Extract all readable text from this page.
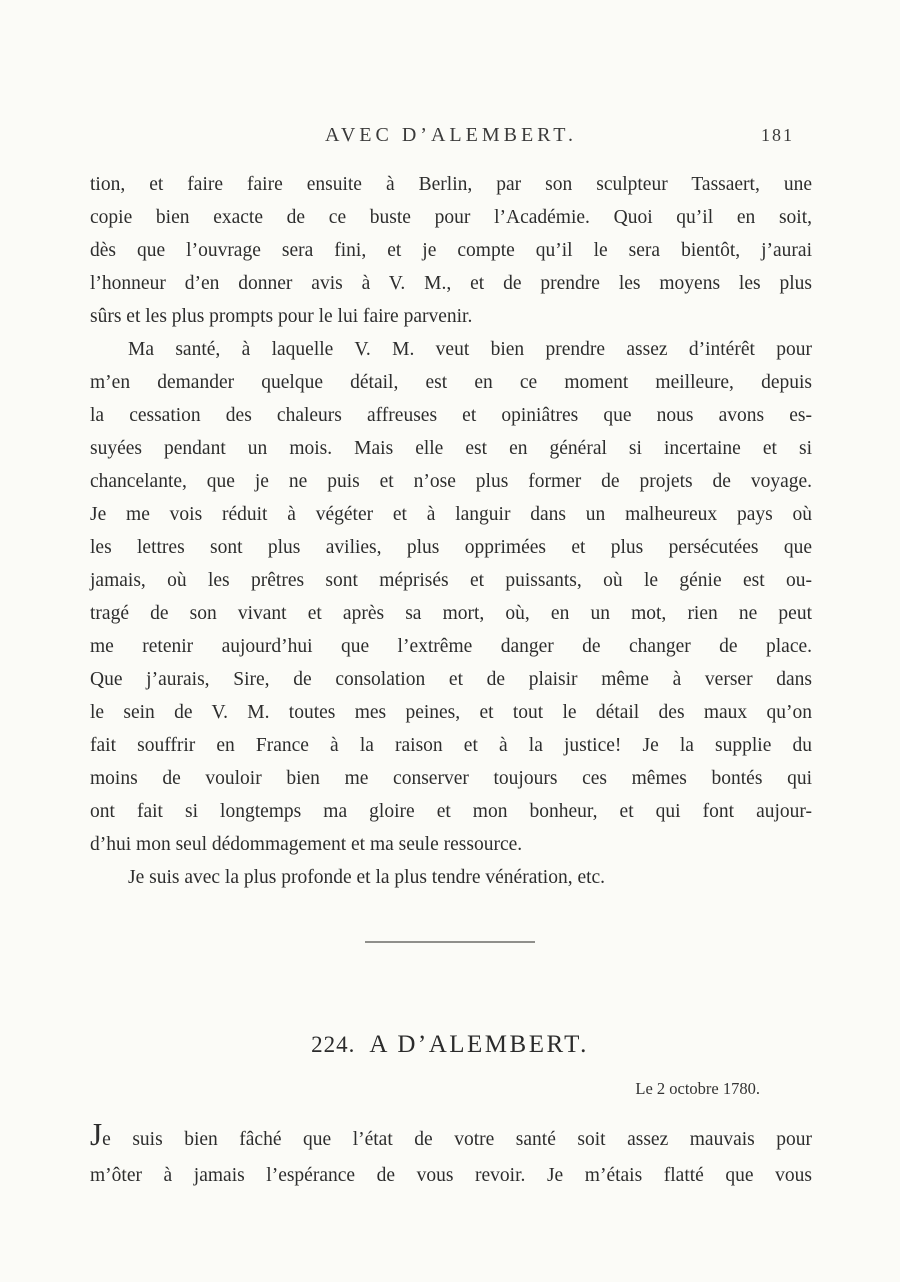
AVEC D’ALEMBERT.	181
tion, et faire faire ensuite à Berlin, par son sculpteur Tassaert, une
copie bien exacte de ce buste pour l’Académie. Quoi qu’il en soit,
dès que l’ouvrage sera fini, et je compte qu’il le sera bientôt, j’aurai
l’honneur d’en donner avis à V. M., et de prendre les moyens les plus
sûrs et les plus prompts pour le lui faire parvenir.
Ma santé, à laquelle V. M. veut bien prendre assez d’intérêt pour
m’en demander quelque détail, est en ce moment meilleure, depuis
la cessation des chaleurs affreuses et opiniâtres que nous avons es-
suyées pendant un mois. Mais elle est en général si incertaine et si
chancelante, que je ne puis et n’ose plus former de projets de voyage.
Je me vois réduit à végéter et à languir dans un malheureux pays où
les lettres sont plus avilies, plus opprimées et plus persécutées que
jamais, où les prêtres sont méprisés et puissants, où le génie est ou-
tragé de son vivant et après sa mort, où, en un mot, rien ne peut
me retenir aujourd’hui que l’extrême danger de changer de place.
Que j’aurais, Sire, de consolation et de plaisir même à verser dans
le sein de V. M. toutes mes peines, et tout le détail des maux qu’on
fait souffrir en France à la raison et à la justice! Je la supplie du
moins de vouloir bien me conserver toujours ces mêmes bontés qui
ont fait si longtemps ma gloire et mon bonheur, et qui font aujour-
d’hui mon seul dédommagement et ma seule ressource.
Je suis avec la plus profonde et la plus tendre vénération, etc.
224. A D’ALEMBERT.
Le 2 octobre 1780.
Je suis bien fâché que l’état de votre santé soit assez mauvais pour
m’ôter à jamais l’espérance de vous revoir. Je m’étais flatté que vous
